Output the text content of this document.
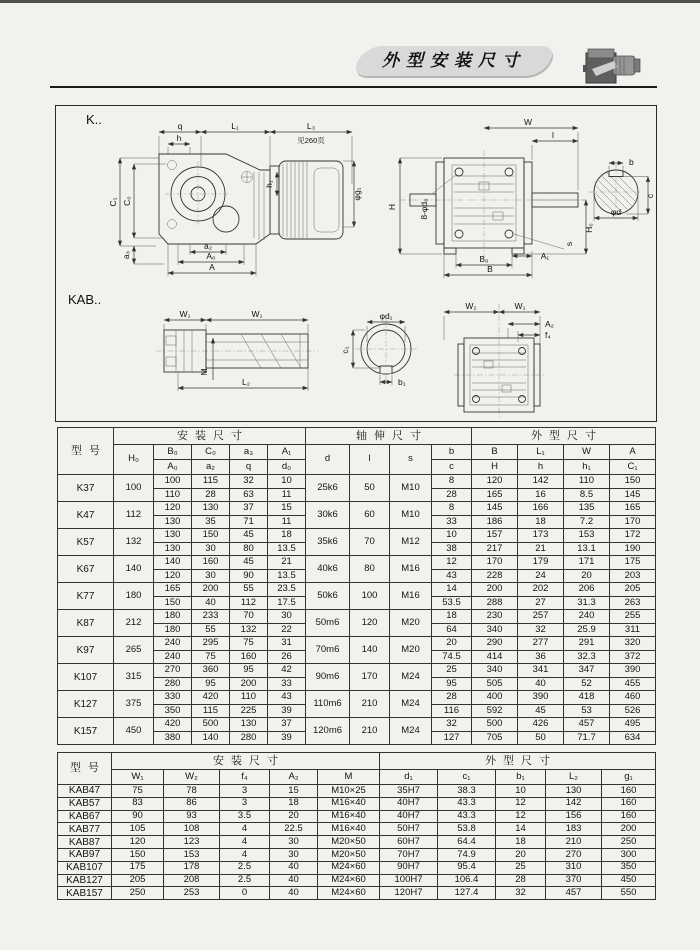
外型安装尺寸
K..
KAB..
q	L₁	L₃
见260页
h
C₁ C₀
a₃
h₁
φg₁
a₂
A₀
A
W
l
H	8-φd₀
H₀
s
A₁
B₀
B
b
c
φd
M
W₁	W₁
L₂
φd₁
c₁
b₁
W₂	W₁
A₂
f₄
型号	安装尺寸					轴伸尺寸				外型尺寸			
	H₀	B₀	C₀	a₃	A₁	d	l	s	b	B	L₁	W	A
		A₀	a₂	q	d₀				c	H	h	h₁	C₁
K37	100	100	115	32	10	25k6	50	M10	8	120	142	110	150
		110	28	63	11				28	165	16	8.5	145
K47	112	120	130	37	15	30k6	60	M10	8	145	166	135	165
		130	35	71	11				33	186	18	7.2	170
K57	132	130	150	45	18	35k6	70	M12	10	157	173	153	172
		130	30	80	13.5				38	217	21	13.1	190
K67	140	140	160	45	21	40k6	80	M16	12	170	179	171	175
		120	30	90	13.5				43	228	24	20	203
K77	180	165	200	55	23.5	50k6	100	M16	14	200	202	206	205
		150	40	112	17.5				53.5	288	27	31.3	263
K87	212	180	233	70	30	50m6	120	M20	18	230	257	240	255
		180	55	132	22				64	340	32	25.9	311
K97	265	240	295	75	31	70m6	140	M20	20	290	277	291	320
		240	75	160	26				74.5	414	36	32.3	372
K107	315	270	360	95	42	90m6	170	M24	25	340	341	347	390
		280	95	200	33				95	505	40	52	455
K127	375	330	420	110	43	110m6	210	M24	28	400	390	418	460
		350	115	225	39				116	592	45	53	526
K157	450	420	500	130	37	120m6	210	M24	32	500	426	457	495
		380	140	280	39				127	705	50	71.7	634
型号	安装尺寸					外型尺寸				
	W₁	W₂	f₄	A₂	M	d₁	c₁	b₁	L₂	g₁
KAB47	75	78	3	15	M10×25	35H7	38.3	10	130	160
KAB57	83	86	3	18	M16×40	40H7	43.3	12	142	160
KAB67	90	93	3.5	20	M16×40	40H7	43.3	12	156	160
KAB77	105	108	4	22.5	M16×40	50H7	53.8	14	183	200
KAB87	120	123	4	30	M20×50	60H7	64.4	18	210	250
KAB97	150	153	4	30	M20×50	70H7	74.9	20	270	300
KAB107	175	178	2.5	40	M24×60	90H7	95.4	25	310	350
KAB127	205	208	2.5	40	M24×60	100H7	106.4	28	370	450
KAB157	250	253	0	40	M24×60	120H7	127.4	32	457	550
